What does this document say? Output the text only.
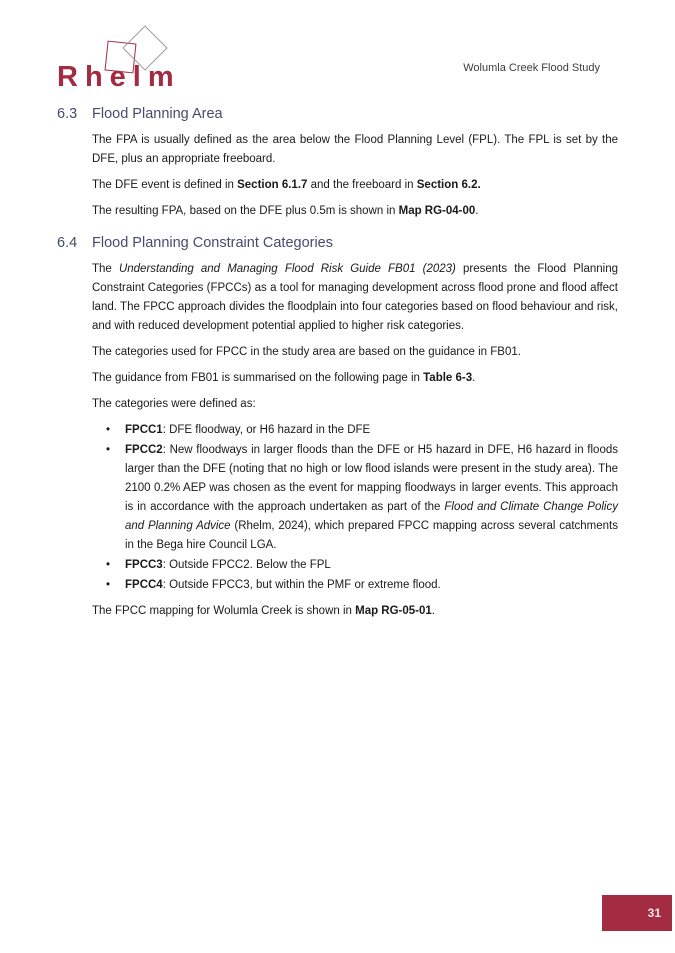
Rhelm	Wolumla Creek Flood Study
6.3	Flood Planning Area

The FPA is usually defined as the area below the Flood Planning Level (FPL). The FPL is set by the DFE, plus an appropriate freeboard.

The DFE event is defined in Section 6.1.7 and the freeboard in Section 6.2.

The resulting FPA, based on the DFE plus 0.5m is shown in Map RG-04-00.

6.4	Flood Planning Constraint Categories

The Understanding and Managing Flood Risk Guide FB01 (2023) presents the Flood Planning Constraint Categories (FPCCs) as a tool for managing development across flood prone and flood affect land. The FPCC approach divides the floodplain into four categories based on flood behaviour and risk, and with reduced development potential applied to higher risk categories.

The categories used for FPCC in the study area are based on the guidance in FB01.

The guidance from FB01 is summarised on the following page in Table 6-3.

The categories were defined as:

• FPCC1: DFE floodway, or H6 hazard in the DFE
• FPCC2: New floodways in larger floods than the DFE or H5 hazard in DFE, H6 hazard in floods larger than the DFE (noting that no high or low flood islands were present in the study area). The 2100 0.2% AEP was chosen as the event for mapping floodways in larger events. This approach is in accordance with the approach undertaken as part of the Flood and Climate Change Policy and Planning Advice (Rhelm, 2024), which prepared FPCC mapping across several catchments in the Bega hire Council LGA.
• FPCC3: Outside FPCC2. Below the FPL
• FPCC4: Outside FPCC3, but within the PMF or extreme flood.

The FPCC mapping for Wolumla Creek is shown in Map RG-05-01.

31
